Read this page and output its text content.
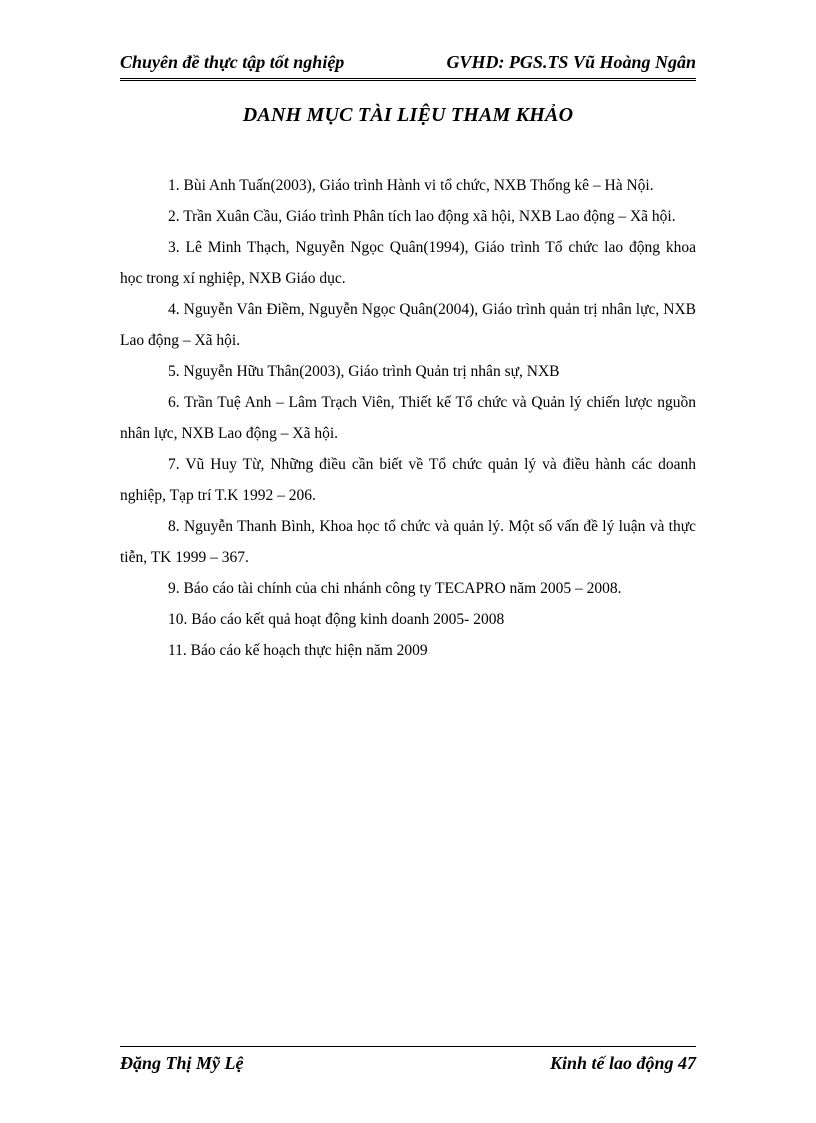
Chuyên đề thực tập tốt nghiệp	GVHD: PGS.TS Vũ Hoàng Ngân
DANH MỤC TÀI LIỆU THAM KHẢO
1. Bùi Anh Tuấn(2003), Giáo trình Hành vi tổ chức, NXB Thống kê – Hà Nội.
2. Trần Xuân Cầu, Giáo trình Phân tích lao động xã hội, NXB Lao động – Xã hội.
3. Lê Minh Thạch, Nguyễn Ngọc Quân(1994), Giáo trình Tổ chức lao động khoa học trong xí nghiệp, NXB Giáo dục.
4. Nguyễn Vân Điềm, Nguyễn Ngọc Quân(2004), Giáo trình quản trị nhân lực, NXB Lao động – Xã hội.
5. Nguyễn Hữu Thân(2003), Giáo trình Quản trị nhân sự, NXB
6. Trần Tuệ Anh – Lâm Trạch Viên, Thiết kế Tổ chức và Quản lý chiến lược nguồn nhân lực, NXB Lao động – Xã hội.
7. Vũ Huy Từ, Những điều cần biết về Tổ chức quản lý và điều hành các doanh nghiệp, Tạp trí T.K 1992 – 206.
8. Nguyễn Thanh Bình, Khoa học tổ chức và quản lý. Một số vấn đề lý luận và thực tiễn, TK 1999 – 367.
9. Báo cáo tài chính của chi nhánh công ty TECAPRO năm 2005 – 2008.
10. Báo cáo kết quả hoạt động kinh doanh 2005- 2008
11. Báo cáo kế hoạch thực hiện năm 2009
Đặng Thị Mỹ Lệ	Kinh tế lao động 47
